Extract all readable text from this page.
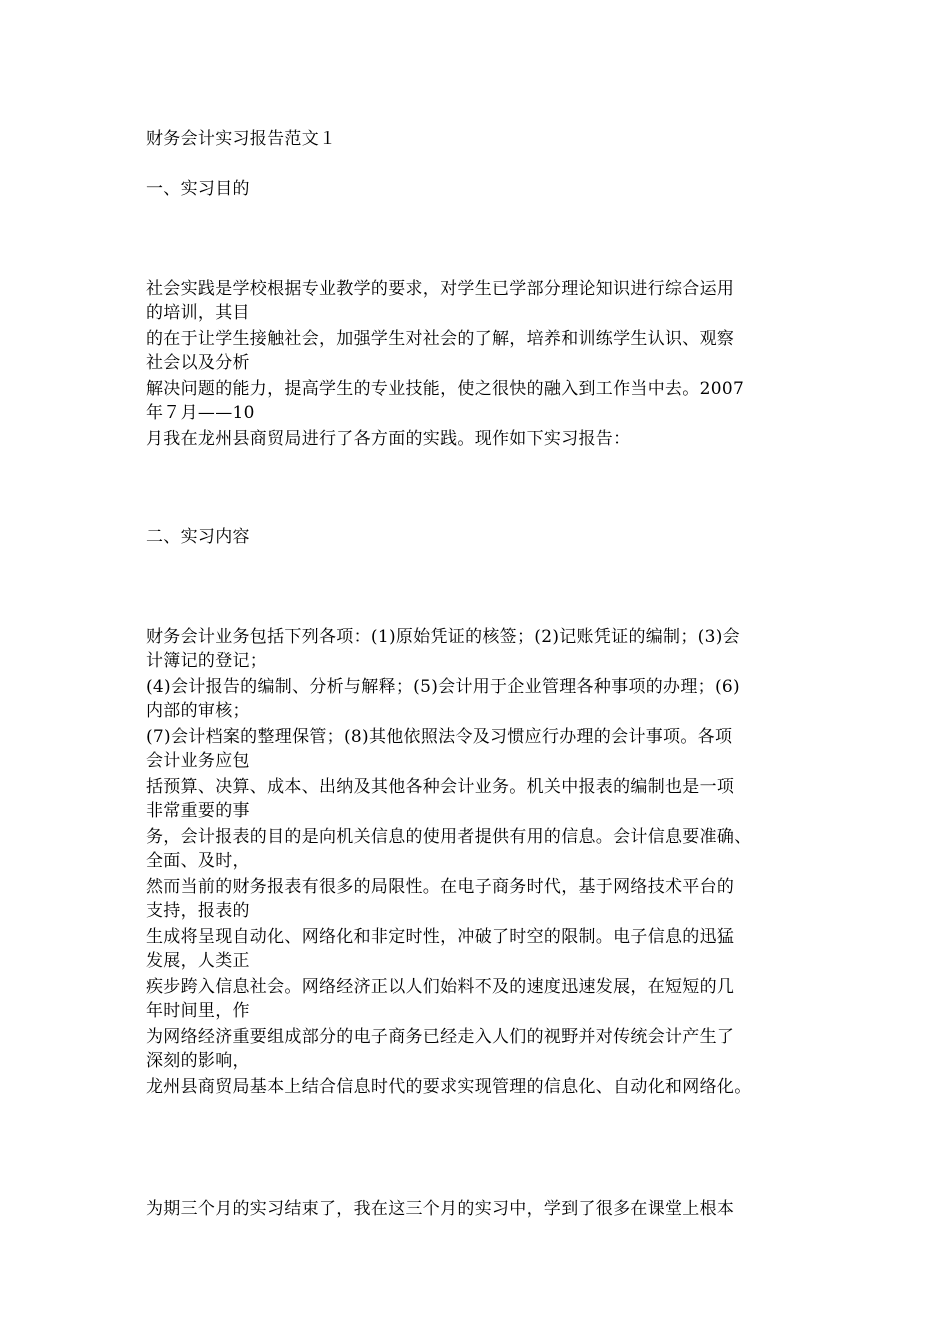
财务会计实习报告范文１
一、实习目的
社会实践是学校根据专业教学的要求，对学生已学部分理论知识进行综合运用
的培训，其目
的在于让学生接触社会，加强学生对社会的了解，培养和训练学生认识、观察
社会以及分析
解决问题的能力，提高学生的专业技能，使之很快的融入到工作当中去。2007
年７月——10
月我在龙州县商贸局进行了各方面的实践。现作如下实习报告：
二、实习内容
财务会计业务包括下列各项：(1)原始凭证的核签；(2)记账凭证的编制；(3)会
计簿记的登记；
(4)会计报告的编制、分析与解释；(5)会计用于企业管理各种事项的办理；(6)
内部的审核；
(7)会计档案的整理保管；(8)其他依照法令及习惯应行办理的会计事项。各项
会计业务应包
括预算、决算、成本、出纳及其他各种会计业务。机关中报表的编制也是一项
非常重要的事
务，会计报表的目的是向机关信息的使用者提供有用的信息。会计信息要准确、
全面、及时，
然而当前的财务报表有很多的局限性。在电子商务时代，基于网络技术平台的
支持，报表的
生成将呈现自动化、网络化和非定时性，冲破了时空的限制。电子信息的迅猛
发展，人类正
疾步跨入信息社会。网络经济正以人们始料不及的速度迅速发展，在短短的几
年时间里，作
为网络经济重要组成部分的电子商务已经走入人们的视野并对传统会计产生了
深刻的影响，
龙州县商贸局基本上结合信息时代的要求实现管理的信息化、自动化和网络化。
为期三个月的实习结束了，我在这三个月的实习中，学到了很多在课堂上根本
